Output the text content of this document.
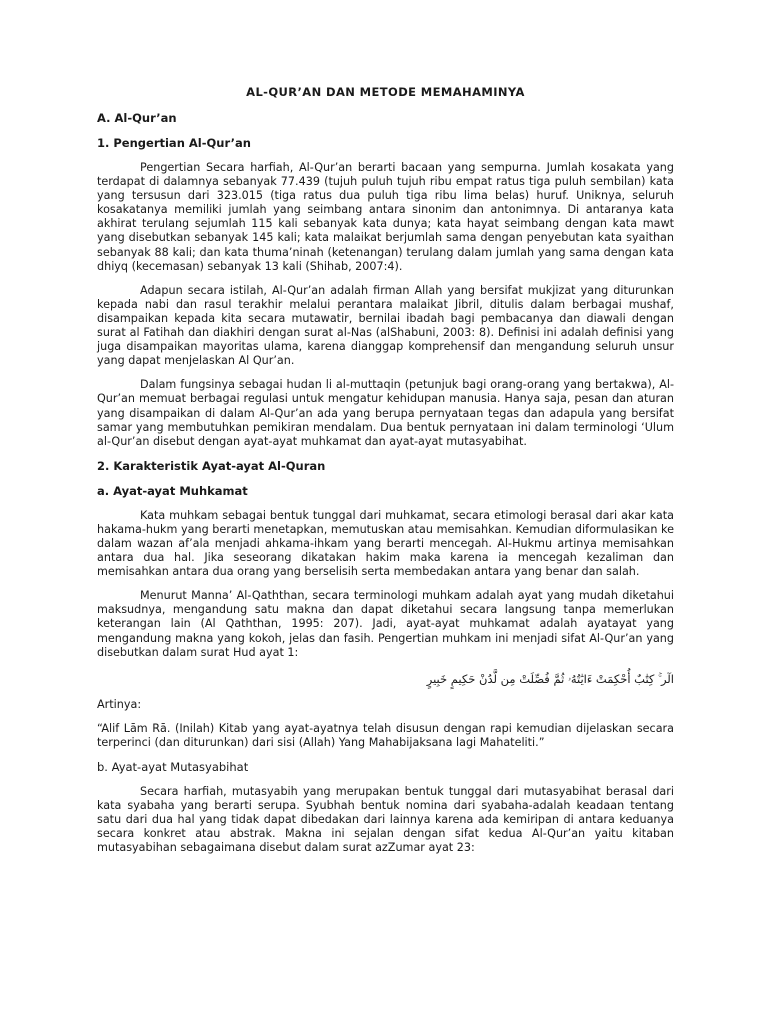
AL-QUR’AN DAN METODE MEMAHAMINYA
A. Al-Qur’an
1. Pengertian Al-Qur’an

Pengertian Secara harfiah, Al-Qur’an berarti bacaan yang sempurna. Jumlah kosakata yang terdapat di dalamnya sebanyak 77.439 (tujuh puluh tujuh ribu empat ratus tiga puluh sembilan) kata yang tersusun dari 323.015 (tiga ratus dua puluh tiga ribu lima belas) huruf. Uniknya, seluruh kosakatanya memiliki jumlah yang seimbang antara sinonim dan antonimnya. Di antaranya kata akhirat terulang sejumlah 115 kali sebanyak kata dunya; kata hayat seimbang dengan kata mawt yang disebutkan sebanyak 145 kali; kata malaikat berjumlah sama dengan penyebutan kata syaithan sebanyak 88 kali; dan kata thuma’ninah (ketenangan) terulang dalam jumlah yang sama dengan kata dhiyq (kecemasan) sebanyak 13 kali (Shihab, 2007:4).

Adapun secara istilah, Al-Qur’an adalah firman Allah yang bersifat mukjizat yang diturunkan kepada nabi dan rasul terakhir melalui perantara malaikat Jibril, ditulis dalam berbagai mushaf, disampaikan kepada kita secara mutawatir, bernilai ibadah bagi pembacanya dan diawali dengan surat al Fatihah dan diakhiri dengan surat al-Nas (alShabuni, 2003: 8). Definisi ini adalah definisi yang juga disampaikan mayoritas ulama, karena dianggap komprehensif dan mengandung seluruh unsur yang dapat menjelaskan Al Qur’an.

Dalam fungsinya sebagai hudan li al-muttaqin (petunjuk bagi orang-orang yang bertakwa), Al-Qur’an memuat berbagai regulasi untuk mengatur kehidupan manusia. Hanya saja, pesan dan aturan yang disampaikan di dalam Al-Qur’an ada yang berupa pernyataan tegas dan adapula yang bersifat samar yang membutuhkan pemikiran mendalam. Dua bentuk pernyataan ini dalam terminologi ‘Ulum al-Qur’an disebut dengan ayat-ayat muhkamat dan ayat-ayat mutasyabihat.

2. Karakteristik Ayat-ayat Al-Quran
a. Ayat-ayat Muhkamat

Kata muhkam sebagai bentuk tunggal dari muhkamat, secara etimologi berasal dari akar kata hakama-hukm yang berarti menetapkan, memutuskan atau memisahkan. Kemudian diformulasikan ke dalam wazan af’ala menjadi ahkama-ihkam yang berarti mencegah. Al-Hukmu artinya memisahkan antara dua hal. Jika seseorang dikatakan hakim maka karena ia mencegah kezaliman dan memisahkan antara dua orang yang berselisih serta membedakan antara yang benar dan salah.

Menurut Manna’ Al-Qaththan, secara terminologi muhkam adalah ayat yang mudah diketahui maksudnya, mengandung satu makna dan dapat diketahui secara langsung tanpa memerlukan keterangan lain (Al Qaththan, 1995: 207). Jadi, ayat-ayat muhkamat adalah ayatayat yang mengandung makna yang kokoh, jelas dan fasih. Pengertian muhkam ini menjadi sifat Al-Qur’an yang disebutkan dalam surat Hud ayat 1:

الٓر ۚ كِتَٰبٌ أُحْكِمَتْ ءَايَٰتُهُۥ ثُمَّ فُصِّلَتْ مِن لَّدُنْ حَكِيمٍ خَبِيرٍ

Artinya:

“Alif Lām Rā. (Inilah) Kitab yang ayat-ayatnya telah disusun dengan rapi kemudian dijelaskan secara terperinci (dan diturunkan) dari sisi (Allah) Yang Mahabijaksana lagi Mahateliti.”

b. Ayat-ayat Mutasyabihat

Secara harfiah, mutasyabih yang merupakan bentuk tunggal dari mutasyabihat berasal dari kata syabaha yang berarti serupa. Syubhah bentuk nomina dari syabaha-adalah keadaan tentang satu dari dua hal yang tidak dapat dibedakan dari lainnya karena ada kemiripan di antara keduanya secara konkret atau abstrak. Makna ini sejalan dengan sifat kedua Al-Qur’an yaitu kitaban mutasyabihan sebagaimana disebut dalam surat azZumar ayat 23:
